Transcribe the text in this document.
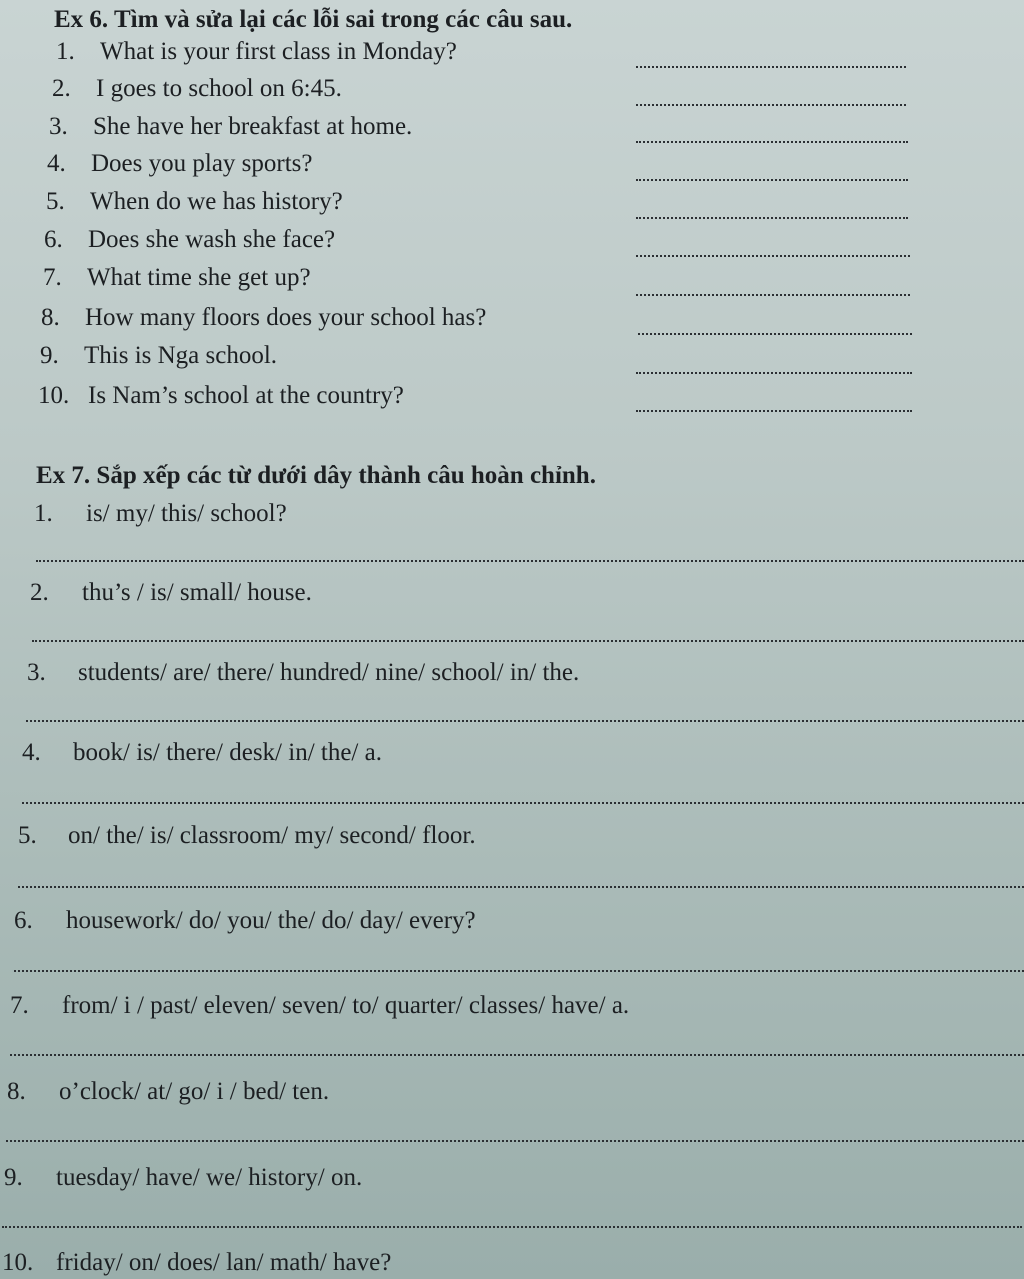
Ex 6. Tìm và sửa lại các lỗi sai trong các câu sau.
1. What is your first class in Monday?
2. I goes to school on 6:45.
3. She have her breakfast at home.
4. Does you play sports?
5. When do we has history?
6. Does she wash she face?
7. What time she get up?
8. How many floors does your school has?
9. This is Nga school.
10. Is Nam’s school at the country?
Ex 7. Sắp xếp các từ dưới dây thành câu hoàn chỉnh.
1. is/ my/ this/ school?
2. thu’s / is/ small/ house.
3. students/ are/ there/ hundred/ nine/ school/ in/ the.
4. book/ is/ there/ desk/ in/ the/ a.
5. on/ the/ is/ classroom/ my/ second/ floor.
6. housework/ do/ you/ the/ do/ day/ every?
7. from/ i / past/ eleven/ seven/ to/ quarter/ classes/ have/ a.
8. o’clock/ at/ go/ i / bed/ ten.
9. tuesday/ have/ we/ history/ on.
10. friday/ on/ does/ lan/ math/ have?
